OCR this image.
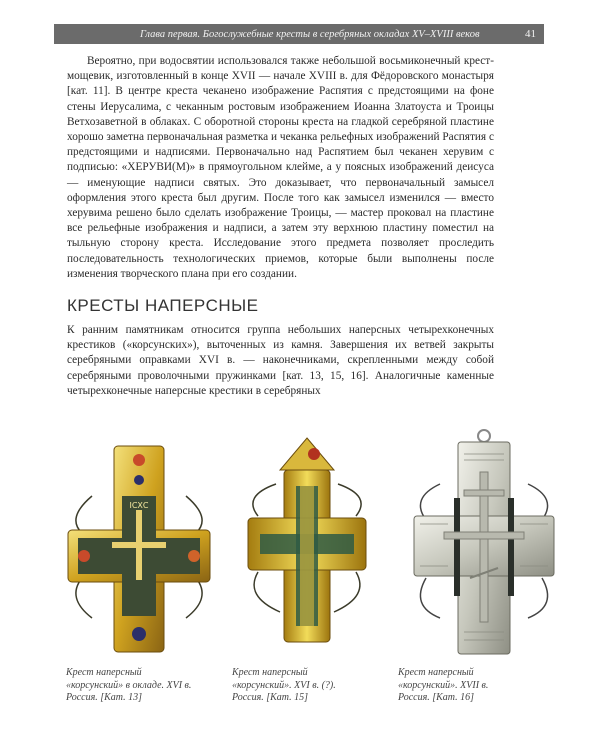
Глава первая. Богослужебные кресты в серебряных окладах XV–XVIII веков	41

Вероятно, при водосвятии использовался также небольшой восьмиконечный крест-мощевик, изготовленный в конце XVII — начале XVIII в. для Фёдоровского монастыря [кат. 11]. В центре креста чеканено изображение Распятия с предстоящими на фоне стены Иерусалима, с чеканным ростовым изображением Иоанна Златоуста и Троицы Ветхозаветной в облаках. С оборотной стороны креста на гладкой серебряной пластине хорошо заметна первоначальная разметка и чеканка рельефных изображений Распятия с предстоящими и надписями. Первоначально над Распятием был чеканен херувим с подписью: «ХЕРУВИ(М)» в прямоугольном клейме, а у поясных изображений деисуса — именующие надписи святых. Это доказывает, что первоначальный замысел оформления этого креста был другим. После того как замысел изменился — вместо херувима решено было сделать изображение Троицы, — мастер проковал на пластине все рельефные изображения и надписи, а затем эту верхнюю пластину поместил на тыльную сторону креста. Исследование этого предмета позволяет проследить последовательность технологических приемов, которые были выполнены после изменения творческого плана при его создании.

КРЕСТЫ НАПЕРСНЫЕ

К ранним памятникам относится группа небольших наперсных четырехконечных крестиков («корсунских»), выточенных из камня. Завершения их ветвей закрыты серебряными оправками XVI в. — наконечниками, скрепленными между собой серебряными проволочными пружинками [кат. 13, 15, 16]. Аналогичные каменные четырехконечные наперсные крестики в серебряных

ІСХС
Крест наперсный
«корсунский» в окладе. XVI в.
Россия. [Кат. 13]
Крест наперсный
«корсунский». XVI в. (?).
Россия. [Кат. 15]
Крест наперсный
«корсунский». XVII в.
Россия. [Кат. 16]
